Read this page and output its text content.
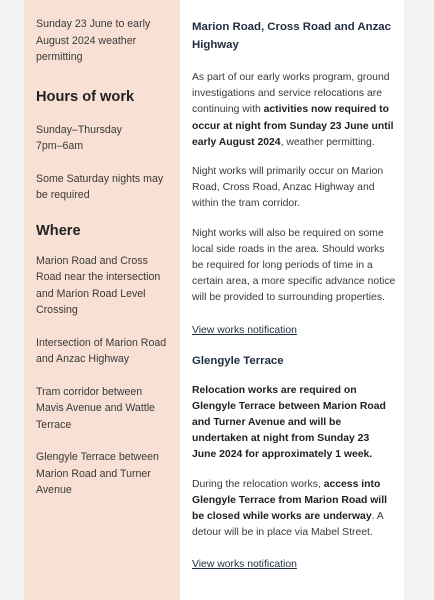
Sunday 23 June to early August 2024 weather permitting

Hours of work

Sunday–Thursday

7pm–6am

Some Saturday nights may be required

Where

Marion Road and Cross Road near the intersection and Marion Road Level Crossing

Intersection of Marion Road and Anzac Highway

Tram corridor between Mavis Avenue and Wattle Terrace

Glengyle Terrace between Marion Road and Turner Avenue

Marion Road, Cross Road and Anzac Highway

As part of our early works program, ground investigations and service relocations are continuing with activities now required to occur at night from Sunday 23 June until early August 2024, weather permitting.

Night works will primarily occur on Marion Road, Cross Road, Anzac Highway and within the tram corridor.

Night works will also be required on some local side roads in the area. Should works be required for long periods of time in a certain area, a more specific advance notice will be provided to surrounding properties.

View works notification

Glengyle Terrace

Relocation works are required on Glengyle Terrace between Marion Road and Turner Avenue and will be undertaken at night from Sunday 23 June 2024 for approximately 1 week.

During the relocation works, access into Glengyle Terrace from Marion Road will be closed while works are underway. A detour will be in place via Mabel Street.

View works notification
